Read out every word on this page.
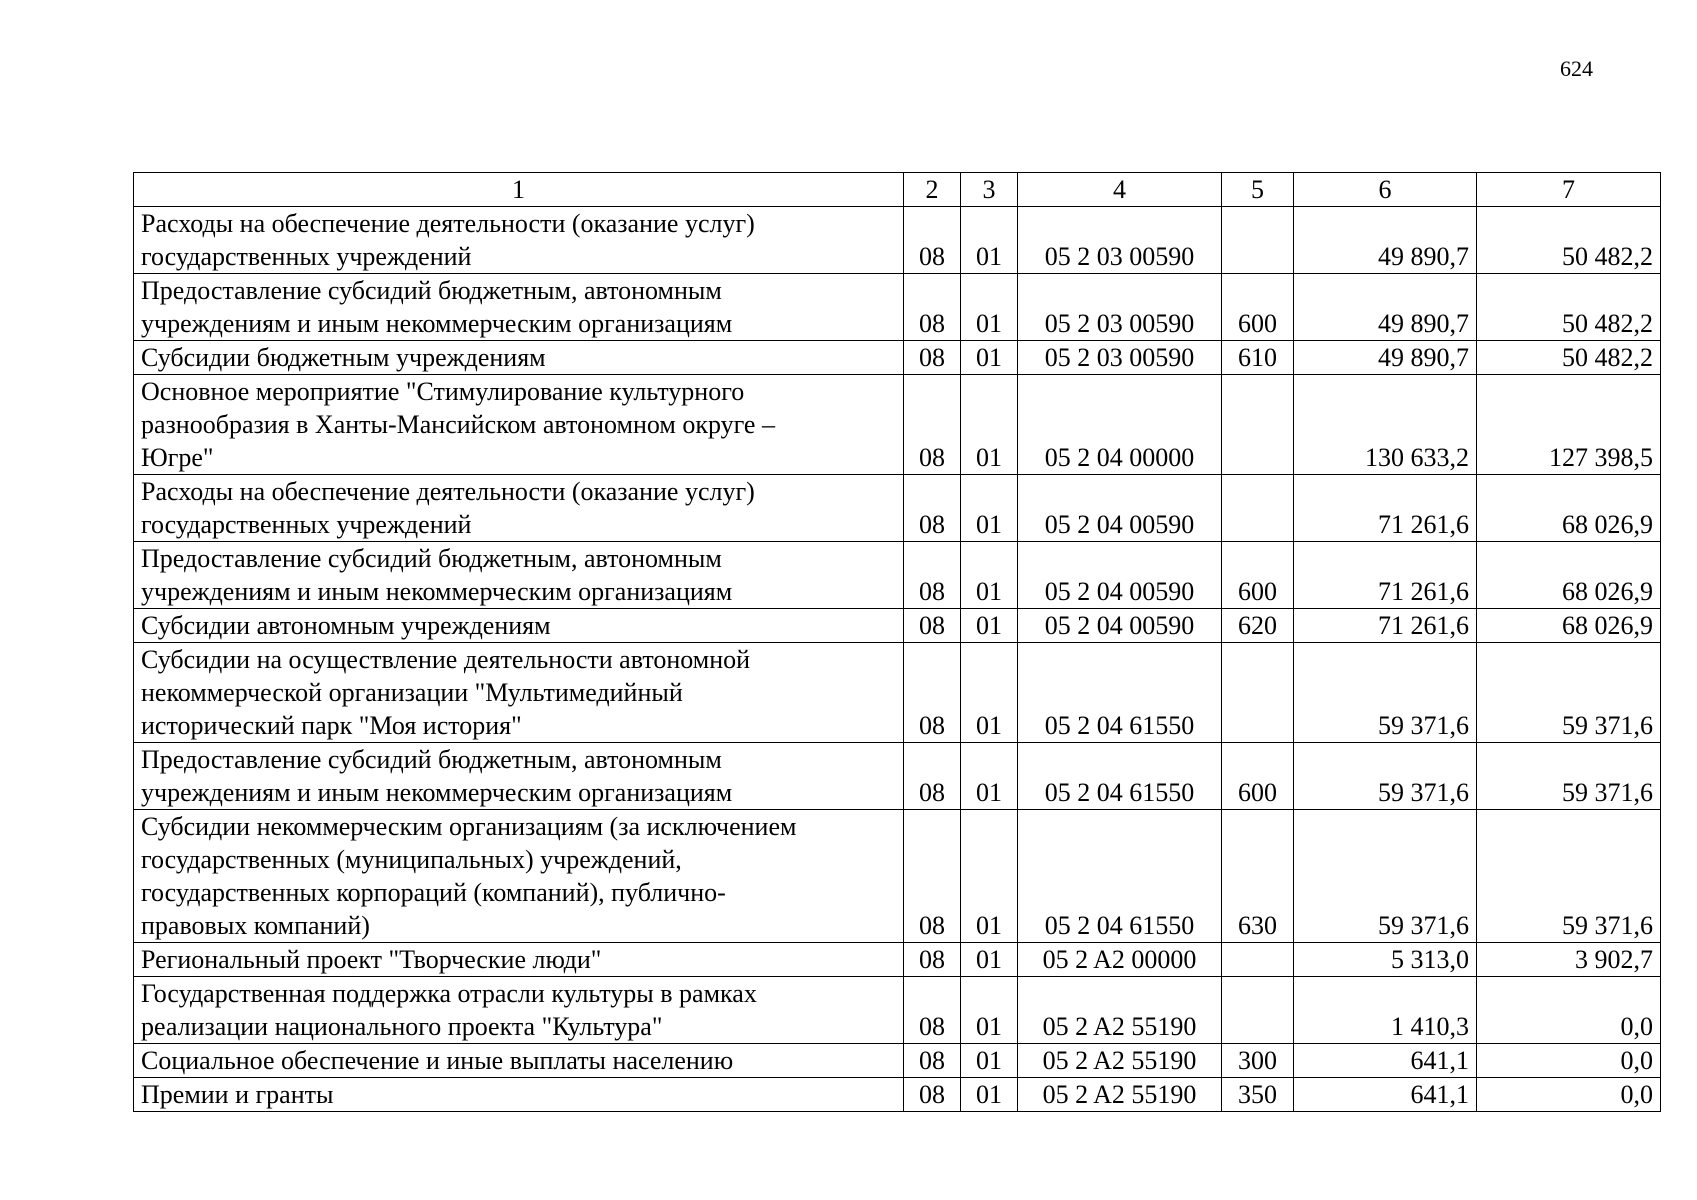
624
1	2	3	4	5	6	7

Расходы на обеспечение деятельности (оказание услуг)
государственных учреждений	08	01	05 2 03 00590		49 890,7	50 482,2

Предоставление субсидий бюджетным, автономным
учреждениям и иным некоммерческим организациям	08	01	05 2 03 00590	600	49 890,7	50 482,2

Субсидии бюджетным учреждениям	08	01	05 2 03 00590	610	49 890,7	50 482,2

Основное мероприятие "Стимулирование культурного
разнообразия в Ханты-Мансийском автономном округе –
Югре"	08	01	05 2 04 00000		130 633,2	127 398,5

Расходы на обеспечение деятельности (оказание услуг)
государственных учреждений	08	01	05 2 04 00590		71 261,6	68 026,9

Предоставление субсидий бюджетным, автономным
учреждениям и иным некоммерческим организациям	08	01	05 2 04 00590	600	71 261,6	68 026,9

Субсидии автономным учреждениям	08	01	05 2 04 00590	620	71 261,6	68 026,9

Субсидии на осуществление деятельности автономной
некоммерческой организации "Мультимедийный
исторический парк "Моя история"	08	01	05 2 04 61550		59 371,6	59 371,6

Предоставление субсидий бюджетным, автономным
учреждениям и иным некоммерческим организациям	08	01	05 2 04 61550	600	59 371,6	59 371,6

Субсидии некоммерческим организациям (за исключением
государственных (муниципальных) учреждений,
государственных корпораций (компаний), публично-
правовых компаний)	08	01	05 2 04 61550	630	59 371,6	59 371,6

Региональный проект "Творческие люди"	08	01	05 2 A2 00000		5 313,0	3 902,7

Государственная поддержка отрасли культуры в рамках
реализации национального проекта "Культура"	08	01	05 2 A2 55190		1 410,3	0,0

Социальное обеспечение и иные выплаты населению	08	01	05 2 A2 55190	300	641,1	0,0

Премии и гранты	08	01	05 2 A2 55190	350	641,1	0,0
